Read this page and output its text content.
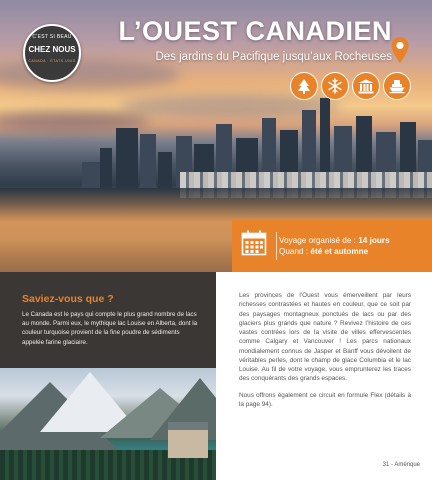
C’EST SI BEAU
CHEZ NOUS
CANADA · ÉTATS-UNIS
L’OUEST CANADIEN
Des jardins du Pacifique jusqu’aux Rocheuses
Voyage organisé de : 14 jours
Quand : été et automne
Saviez-vous que ?

Le Canada est le pays qui compte le plus grand nombre de lacs au monde. Parmi eux, le mythique lac Louise en Alberta, dont la couleur turquoise provient de la fine poudre de sédiments appelée farine glaciaire.

Les provinces de l’Ouest vous émerveillent par leurs richesses contrastées et hautes en couleur, que ce soit par des paysages montagneux ponctués de lacs ou par des glaciers plus grands que nature ? Revivez l’histoire de ces vastes contrées lors de la visite de villes effervescentes comme Calgary et Vancouver ! Les parcs nationaux mondialement connus de Jasper et Banff vous dévoilent de véritables perles, dont le champ de glace Columbia et le lac Louise. Au fil de votre voyage, vous emprunterez les traces des conquérants des grands espaces.

Nous offrons également ce circuit en formule Flex (détails à la page 94).

31 - Amérique
